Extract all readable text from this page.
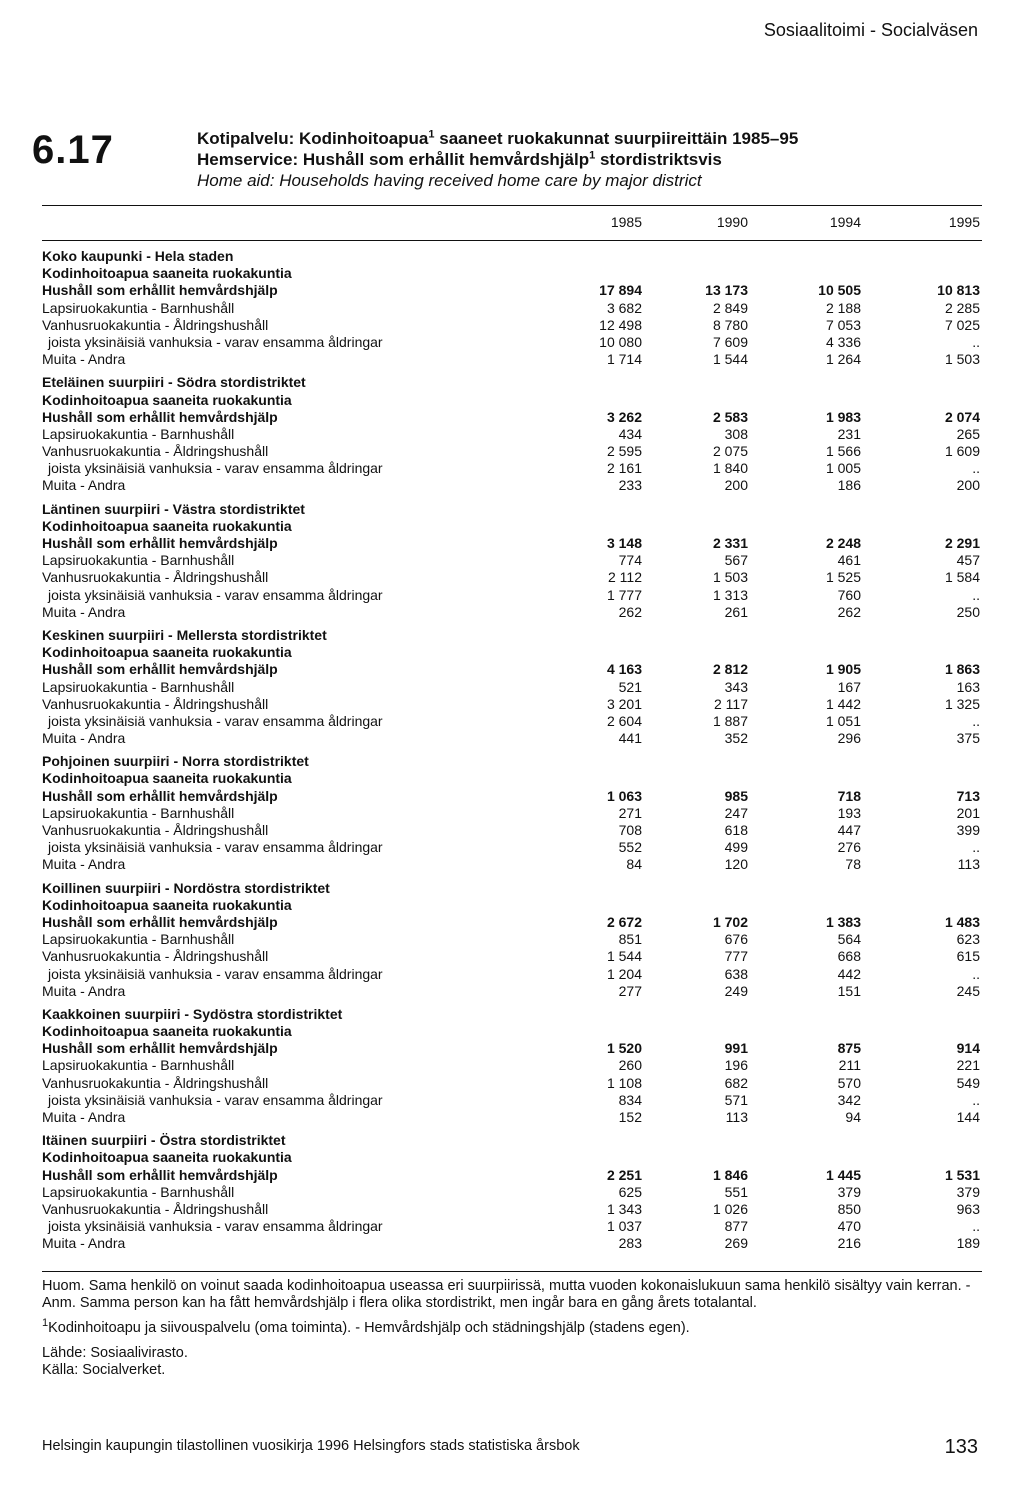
Sosiaalitoimi - Socialväsen
6.17	Kotipalvelu: Kodinhoitoapua$^1$ saaneet ruokakunnat suurpiireittäin 1985–95
Hemservice: Hushåll som erhållit hemvårdshjälp$^1$ stordistriktsvis
Home aid: Households having received home care by major district
1985	1990	1994	1995
Koko kaupunki - Hela staden
Kodinhoitoapua saaneita ruokakuntia
Hushåll som erhållit hemvårdshjälp	17 894	13 173	10 505	10 813
Lapsiruokakuntia - Barnhushåll	3 682	2 849	2 188	2 285
Vanhusruokakuntia - Åldringshushåll	12 498	8 780	7 053	7 025
joista yksinäisiä vanhuksia - varav ensamma åldringar	10 080	7 609	4 336	..
Muita - Andra	1 714	1 544	1 264	1 503
Eteläinen suurpiiri - Södra stordistriktet
Kodinhoitoapua saaneita ruokakuntia
Hushåll som erhållit hemvårdshjälp	3 262	2 583	1 983	2 074
Lapsiruokakuntia - Barnhushåll	434	308	231	265
Vanhusruokakuntia - Åldringshushåll	2 595	2 075	1 566	1 609
joista yksinäisiä vanhuksia - varav ensamma åldringar	2 161	1 840	1 005	..
Muita - Andra	233	200	186	200
Läntinen suurpiiri - Västra stordistriktet
Kodinhoitoapua saaneita ruokakuntia
Hushåll som erhållit hemvårdshjälp	3 148	2 331	2 248	2 291
Lapsiruokakuntia - Barnhushåll	774	567	461	457
Vanhusruokakuntia - Åldringshushåll	2 112	1 503	1 525	1 584
joista yksinäisiä vanhuksia - varav ensamma åldringar	1 777	1 313	760	..
Muita - Andra	262	261	262	250
Keskinen suurpiiri - Mellersta stordistriktet
Kodinhoitoapua saaneita ruokakuntia
Hushåll som erhållit hemvårdshjälp	4 163	2 812	1 905	1 863
Lapsiruokakuntia - Barnhushåll	521	343	167	163
Vanhusruokakuntia - Åldringshushåll	3 201	2 117	1 442	1 325
joista yksinäisiä vanhuksia - varav ensamma åldringar	2 604	1 887	1 051	..
Muita - Andra	441	352	296	375
Pohjoinen suurpiiri - Norra stordistriktet
Kodinhoitoapua saaneita ruokakuntia
Hushåll som erhållit hemvårdshjälp	1 063	985	718	713
Lapsiruokakuntia - Barnhushåll	271	247	193	201
Vanhusruokakuntia - Åldringshushåll	708	618	447	399
joista yksinäisiä vanhuksia - varav ensamma åldringar	552	499	276	..
Muita - Andra	84	120	78	113
Koillinen suurpiiri - Nordöstra stordistriktet
Kodinhoitoapua saaneita ruokakuntia
Hushåll som erhållit hemvårdshjälp	2 672	1 702	1 383	1 483
Lapsiruokakuntia - Barnhushåll	851	676	564	623
Vanhusruokakuntia - Åldringshushåll	1 544	777	668	615
joista yksinäisiä vanhuksia - varav ensamma åldringar	1 204	638	442	..
Muita - Andra	277	249	151	245
Kaakkoinen suurpiiri - Sydöstra stordistriktet
Kodinhoitoapua saaneita ruokakuntia
Hushåll som erhållit hemvårdshjälp	1 520	991	875	914
Lapsiruokakuntia - Barnhushåll	260	196	211	221
Vanhusruokakuntia - Åldringshushåll	1 108	682	570	549
joista yksinäisiä vanhuksia - varav ensamma åldringar	834	571	342	..
Muita - Andra	152	113	94	144
Itäinen suurpiiri - Östra stordistriktet
Kodinhoitoapua saaneita ruokakuntia
Hushåll som erhållit hemvårdshjälp	2 251	1 846	1 445	1 531
Lapsiruokakuntia - Barnhushåll	625	551	379	379
Vanhusruokakuntia - Åldringshushåll	1 343	1 026	850	963
joista yksinäisiä vanhuksia - varav ensamma åldringar	1 037	877	470	..
Muita - Andra	283	269	216	189

Huom. Sama henkilö on voinut saada kodinhoitoapua useassa eri suurpiirissä, mutta vuoden kokonaislukuun sama henkilö sisältyy vain kerran. - Anm. Samma person kan ha fått hemvårdshjälp i flera olika stordistrikt, men ingår bara en gång årets totalantal.

$^1$Kodinhoitoapu ja siivouspalvelu (oma toiminta). - Hemvårdshjälp och städningshjälp (stadens egen).

Lähde: Sosiaalivirasto.

Källa: Socialverket.

Helsingin kaupungin tilastollinen vuosikirja 1996 Helsingfors stads statistiska årsbok	133
